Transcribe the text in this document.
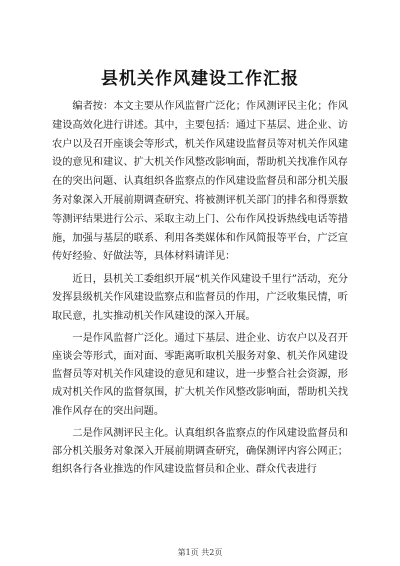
县机关作风建设工作汇报

编者按：本文主要从作风监督广泛化；作风测评民主化；作风建设高效化进行讲述。其中，主要包括：通过下基层、进企业、访农户以及召开座谈会等形式，机关作风建设监督员等对机关作风建设的意见和建议、扩大机关作风整改影响面，帮助机关找准作风存在的突出问题、认真组织各监察点的作风建设监督员和部分机关服务对象深入开展前期调查研究、将被测评机关部门的排名和得票数等测评结果进行公示、采取主动上门、公布作风投诉热线电话等措施，加强与基层的联系、利用各类媒体和作风简报等平台，广泛宣传好经验、好做法等，具体材料请详见：

近日，县机关工委组织开展“机关作风建设千里行”活动，充分发挥县级机关作风建设监察点和监督员的作用，广泛收集民情，听取民意，扎实推动机关作风建设的深入开展。

一是作风监督广泛化。通过下基层、进企业、访农户以及召开座谈会等形式，面对面、零距离听取机关服务对象、机关作风建设监督员等对机关作风建设的意见和建议，进一步整合社会资源，形成对机关作风的监督氛围，扩大机关作风整改影响面，帮助机关找准作风存在的突出问题。

二是作风测评民主化。认真组织各监察点的作风建设监督员和部分机关服务对象深入开展前期调查研究，确保测评内容公网正；组织各行各业推选的作风建设监督员和企业、群众代表进行

第1页 共2页
